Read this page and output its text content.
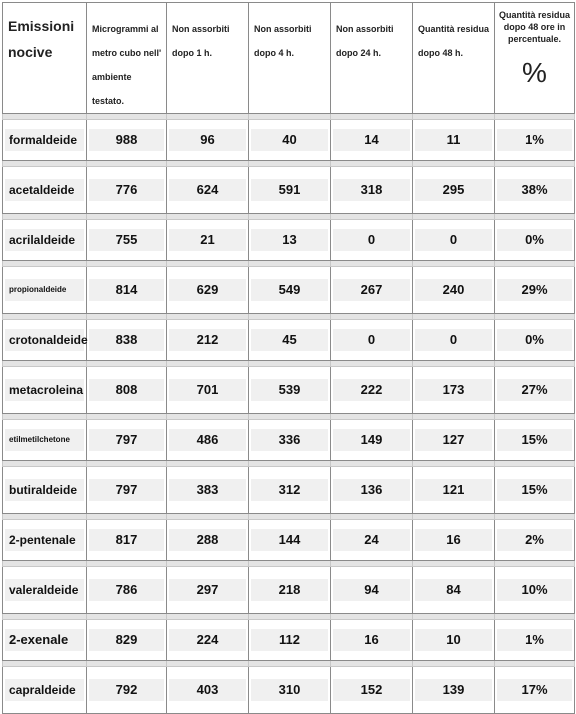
Emissioni nocive	Microgrammi al metro cubo nell' ambiente testato.	Non assorbiti dopo 1 h.	Non assorbiti dopo 4 h.	Non assorbiti dopo 24 h.	Quantità residua dopo 48 h.	Quantità residua dopo 48 ore in percentuale.
%

formaldeide	988	96	40	14	11	1%

acetaldeide	776	624	591	318	295	38%

acrilaldeide	755	21	13	0	0	0%

propionaldeide	814	629	549	267	240	29%

crotonaldeide	838	212	45	0	0	0%

metacroleina	808	701	539	222	173	27%

etilmetilchetone	797	486	336	149	127	15%

butiraldeide	797	383	312	136	121	15%

2-pentenale	817	288	144	24	16	2%

valeraldeide	786	297	218	94	84	10%

2-exenale	829	224	112	16	10	1%

capraldeide	792	403	310	152	139	17%
